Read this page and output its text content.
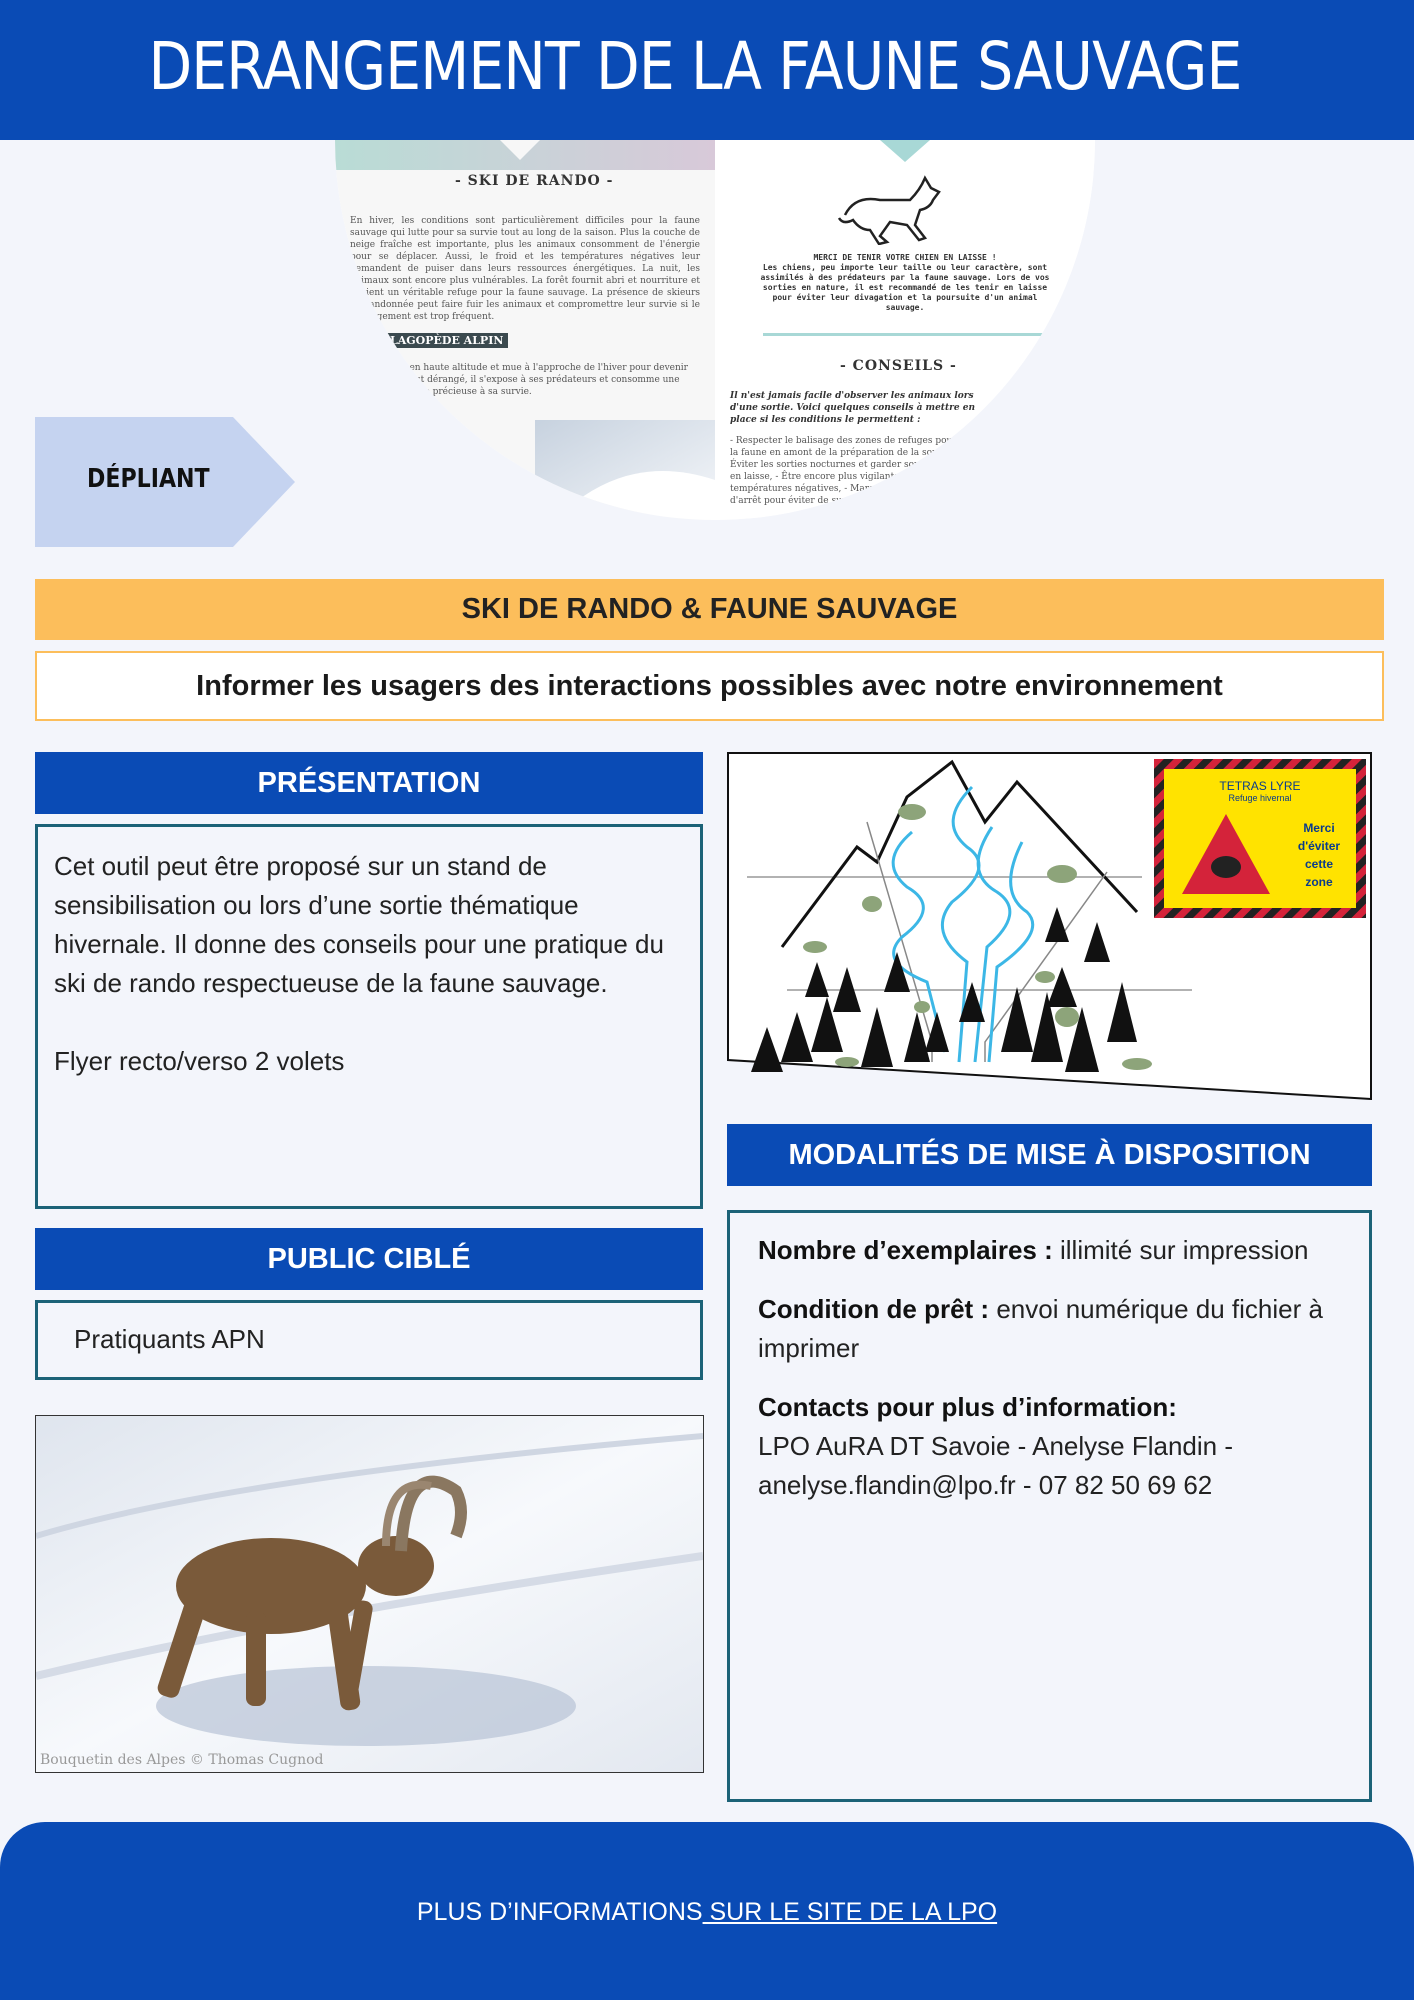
DERANGEMENT DE LA FAUNE SAUVAGE
- SKI DE RANDO -
En hiver, les conditions sont particulièrement difficiles pour la faune sauvage qui lutte pour sa survie tout au long de la saison. Plus la couche de neige fraîche est importante, plus les animaux consomment de l'énergie pour se déplacer. Aussi, le froid et les températures négatives leur demandent de puiser dans leurs ressources énergétiques. La nuit, les animaux sont encore plus vulnérables. La forêt fournit abri et nourriture et devient un véritable refuge pour la faune sauvage. La présence de skieurs de randonnée peut faire fuir les animaux et compromettre leur survie si le dérangement est trop fréquent.
LAGOPÈDE ALPIN
vit en haute altitude et mue à l'approche de l'hiver pour devenir s'il est dérangé, il s'expose à ses prédateurs et consomme une énergie précieuse à sa survie.
MERCI DE TENIR VOTRE CHIEN EN LAISSE !
Les chiens, peu importe leur taille ou leur caractère, sont assimilés à des prédateurs par la faune sauvage. Lors de vos sorties en nature, il est recommandé de les tenir en laisse pour éviter leur divagation et la poursuite d'un animal sauvage.
- CONSEILS -
Il n'est jamais facile d'observer les animaux lors d'une sortie. Voici quelques conseils à mettre en place si les conditions le permettent :
- Respecter le balisage des zones de refuges pour la faune en amont de la préparation de la sortie, - Éviter les sorties nocturnes et garder son chien en laisse, - Être encore plus vigilants après des températures négatives, - Marquer un temps d'arrêt pour éviter de surprendre
DÉPLIANT
SKI DE RANDO & FAUNE SAUVAGE
Informer les usagers des interactions possibles avec notre environnement
PRÉSENTATION
Cet outil peut être proposé sur un stand de sensibilisation ou lors d’une sortie thématique hivernale. Il donne des conseils pour une pratique du ski de rando respectueuse de la faune sauvage.
Flyer recto/verso 2 volets
PUBLIC CIBLÉ
Pratiquants APN
Bouquetin des Alpes © Thomas Cugnod
TETRAS LYRE
Refuge hivernal
Merci
d'éviter
cette
zone
MODALITÉS DE MISE À DISPOSITION

Nombre d’exemplaires : illimité sur impression

Condition de prêt : envoi numérique du fichier à imprimer

Contacts pour plus d’information:
LPO AuRA DT Savoie - Anelyse Flandin - anelyse.flandin@lpo.fr - 07 82 50 69 62

PLUS D’INFORMATIONS SUR LE SITE DE LA LPO
